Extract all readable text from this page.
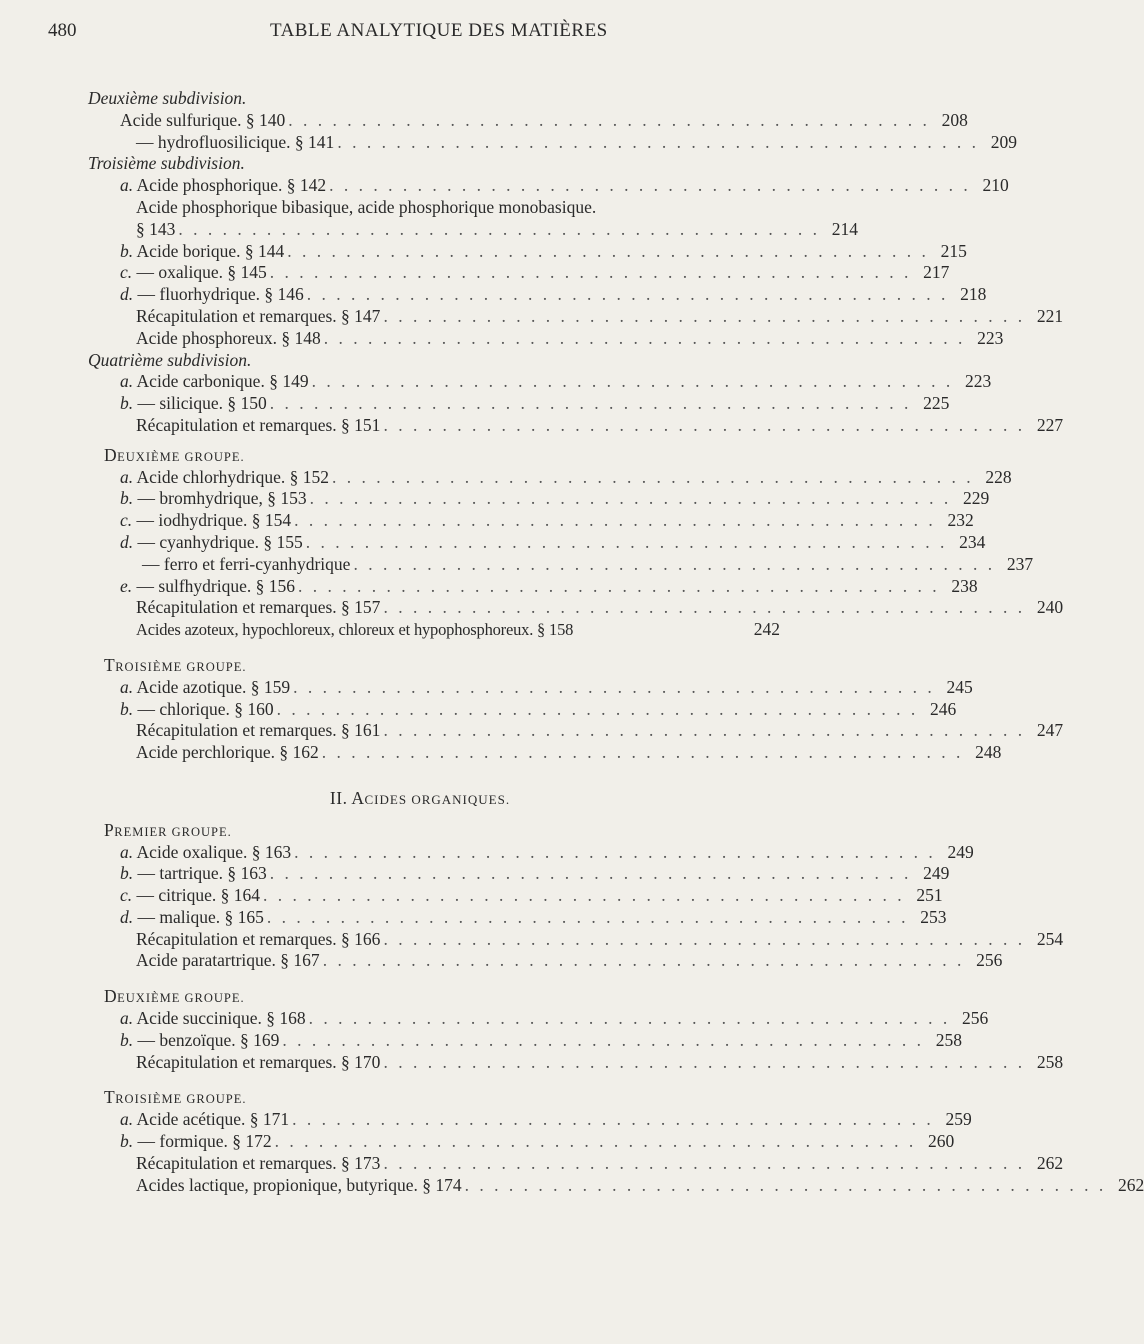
480	TABLE ANALYTIQUE DES MATIÈRES
Deuxième subdivision.
Acide sulfurique. § 140 . . . . . . . . . . . . . . . . . . . . . . . . . . . . . . . . . . . . . . . . . . . . 208
— hydrofluosilicique. § 141 . . . . . . . . . . . . . . . . . . . . . . . . . . . . . . . . . . . . . . . . . . . . 209
Troisième subdivision.
a. Acide phosphorique. § 142 . . . . . . . . . . . . . . . . . . . . . . . . . . . . . . . . . . . . . . . . . . . . 210
Acide phosphorique bibasique, acide phosphorique monobasique.
§ 143 . . . . . . . . . . . . . . . . . . . . . . . . . . . . . . . . . . . . . . . . . . . . 214
b. Acide borique. § 144 . . . . . . . . . . . . . . . . . . . . . . . . . . . . . . . . . . . . . . . . . . . . 215
c. — oxalique. § 145 . . . . . . . . . . . . . . . . . . . . . . . . . . . . . . . . . . . . . . . . . . . . 217
d. — fluorhydrique. § 146 . . . . . . . . . . . . . . . . . . . . . . . . . . . . . . . . . . . . . . . . . . . . 218
Récapitulation et remarques. § 147 . . . . . . . . . . . . . . . . . . . . . . . . . . . . . . . . . . . . . . . . . . . . 221
Acide phosphoreux. § 148 . . . . . . . . . . . . . . . . . . . . . . . . . . . . . . . . . . . . . . . . . . . . 223
Quatrième subdivision.
a. Acide carbonique. § 149 . . . . . . . . . . . . . . . . . . . . . . . . . . . . . . . . . . . . . . . . . . . . 223
b. — silicique. § 150 . . . . . . . . . . . . . . . . . . . . . . . . . . . . . . . . . . . . . . . . . . . . 225
Récapitulation et remarques. § 151 . . . . . . . . . . . . . . . . . . . . . . . . . . . . . . . . . . . . . . . . . . . . 227
DEUXIÈME GROUPE.
a. Acide chlorhydrique. § 152 . . . . . . . . . . . . . . . . . . . . . . . . . . . . . . . . . . . . . . . . . . . . 228
b. — bromhydrique, § 153 . . . . . . . . . . . . . . . . . . . . . . . . . . . . . . . . . . . . . . . . . . . . 229
c. — iodhydrique. § 154 . . . . . . . . . . . . . . . . . . . . . . . . . . . . . . . . . . . . . . . . . . . . 232
d. — cyanhydrique. § 155 . . . . . . . . . . . . . . . . . . . . . . . . . . . . . . . . . . . . . . . . . . . . 234
— ferro et ferri-cyanhydrique . . . . . . . . . . . . . . . . . . . . . . . . . . . . . . . . . . . . . . . . . . . . 237
e. — sulfhydrique. § 156 . . . . . . . . . . . . . . . . . . . . . . . . . . . . . . . . . . . . . . . . . . . . 238
Récapitulation et remarques. § 157 . . . . . . . . . . . . . . . . . . . . . . . . . . . . . . . . . . . . . . . . . . . . 240
Acides azoteux, hypochloreux, chloreux et hypophosphoreux. § 158	242
TROISIÈME GROUPE.
a. Acide azotique. § 159 . . . . . . . . . . . . . . . . . . . . . . . . . . . . . . . . . . . . . . . . . . . . 245
b. — chlorique. § 160 . . . . . . . . . . . . . . . . . . . . . . . . . . . . . . . . . . . . . . . . . . . . 246
Récapitulation et remarques. § 161 . . . . . . . . . . . . . . . . . . . . . . . . . . . . . . . . . . . . . . . . . . . . 247
Acide perchlorique. § 162 . . . . . . . . . . . . . . . . . . . . . . . . . . . . . . . . . . . . . . . . . . . . 248
II. ACIDES ORGANIQUES.
PREMIER GROUPE.
a. Acide oxalique. § 163 . . . . . . . . . . . . . . . . . . . . . . . . . . . . . . . . . . . . . . . . . . . . 249
b. — tartrique. § 163 . . . . . . . . . . . . . . . . . . . . . . . . . . . . . . . . . . . . . . . . . . . . 249
c. — citrique. § 164 . . . . . . . . . . . . . . . . . . . . . . . . . . . . . . . . . . . . . . . . . . . . 251
d. — malique. § 165 . . . . . . . . . . . . . . . . . . . . . . . . . . . . . . . . . . . . . . . . . . . . 253
Récapitulation et remarques. § 166 . . . . . . . . . . . . . . . . . . . . . . . . . . . . . . . . . . . . . . . . . . . . 254
Acide paratartrique. § 167 . . . . . . . . . . . . . . . . . . . . . . . . . . . . . . . . . . . . . . . . . . . . 256
DEUXIÈME GROUPE.
a. Acide succinique. § 168 . . . . . . . . . . . . . . . . . . . . . . . . . . . . . . . . . . . . . . . . . . . . 256
b. — benzoïque. § 169 . . . . . . . . . . . . . . . . . . . . . . . . . . . . . . . . . . . . . . . . . . . . 258
Récapitulation et remarques. § 170 . . . . . . . . . . . . . . . . . . . . . . . . . . . . . . . . . . . . . . . . . . . . 258
TROISIÈME GROUPE.
a. Acide acétique. § 171 . . . . . . . . . . . . . . . . . . . . . . . . . . . . . . . . . . . . . . . . . . . . 259
b. — formique. § 172 . . . . . . . . . . . . . . . . . . . . . . . . . . . . . . . . . . . . . . . . . . . . 260
Récapitulation et remarques. § 173 . . . . . . . . . . . . . . . . . . . . . . . . . . . . . . . . . . . . . . . . . . . . 262
Acides lactique, propionique, butyrique. § 174 . . . . . . . . . . . . . . . . . . . . . . . . . . . . . . . . . . . . . . . . . . . . 262
